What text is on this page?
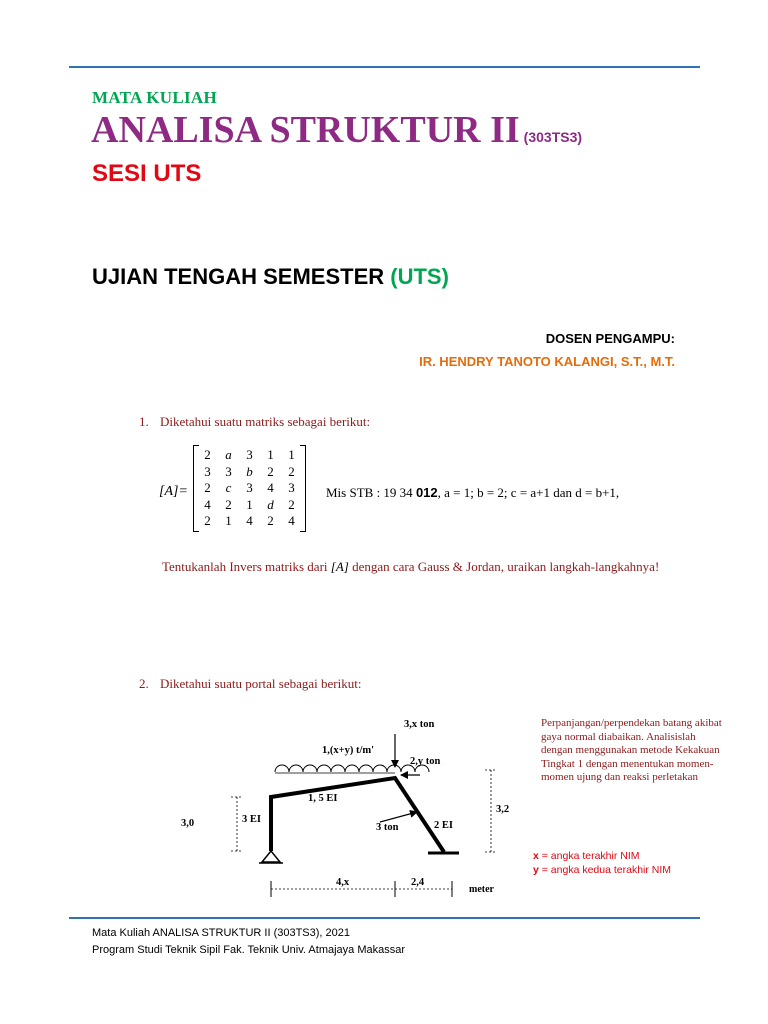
MATA KULIAH
ANALISA STRUKTUR II (303TS3)
SESI UTS
UJIAN TENGAH SEMESTER (UTS)
DOSEN PENGAMPU:
IR. HENDRY TANOTO KALANGI, S.T., M.T.
1. Diketahui suatu matriks sebagai berikut:
[A]=
2	a	3	1	1
3	3	b	2	2
2	c	3	4	3
4	2	1	d	2
2	1	4	2	4
Mis STB : 19 34 012, a = 1; b = 2; c = a+1 dan d = b+1,
Tentukanlah Invers matriks dari [A] dengan cara Gauss & Jordan, uraikan langkah-langkahnya!
2. Diketahui suatu portal sebagai berikut:
3,x ton
1,(x+y) t/m'
2,y ton
1, 5 EI
3 EI
2 EI
3 ton
3,0
3,2
4,x	2,4
meter
Perpanjangan/perpendekan batang akibat gaya normal diabaikan. Analisislah dengan menggunakan metode Kekakuan Tingkat 1 dengan menentukan momen-momen ujung dan reaksi perletakan
x = angka terakhir NIM
y = angka kedua terakhir NIM
Mata Kuliah ANALISA STRUKTUR II (303TS3), 2021
Program Studi Teknik Sipil Fak. Teknik Univ. Atmajaya Makassar
